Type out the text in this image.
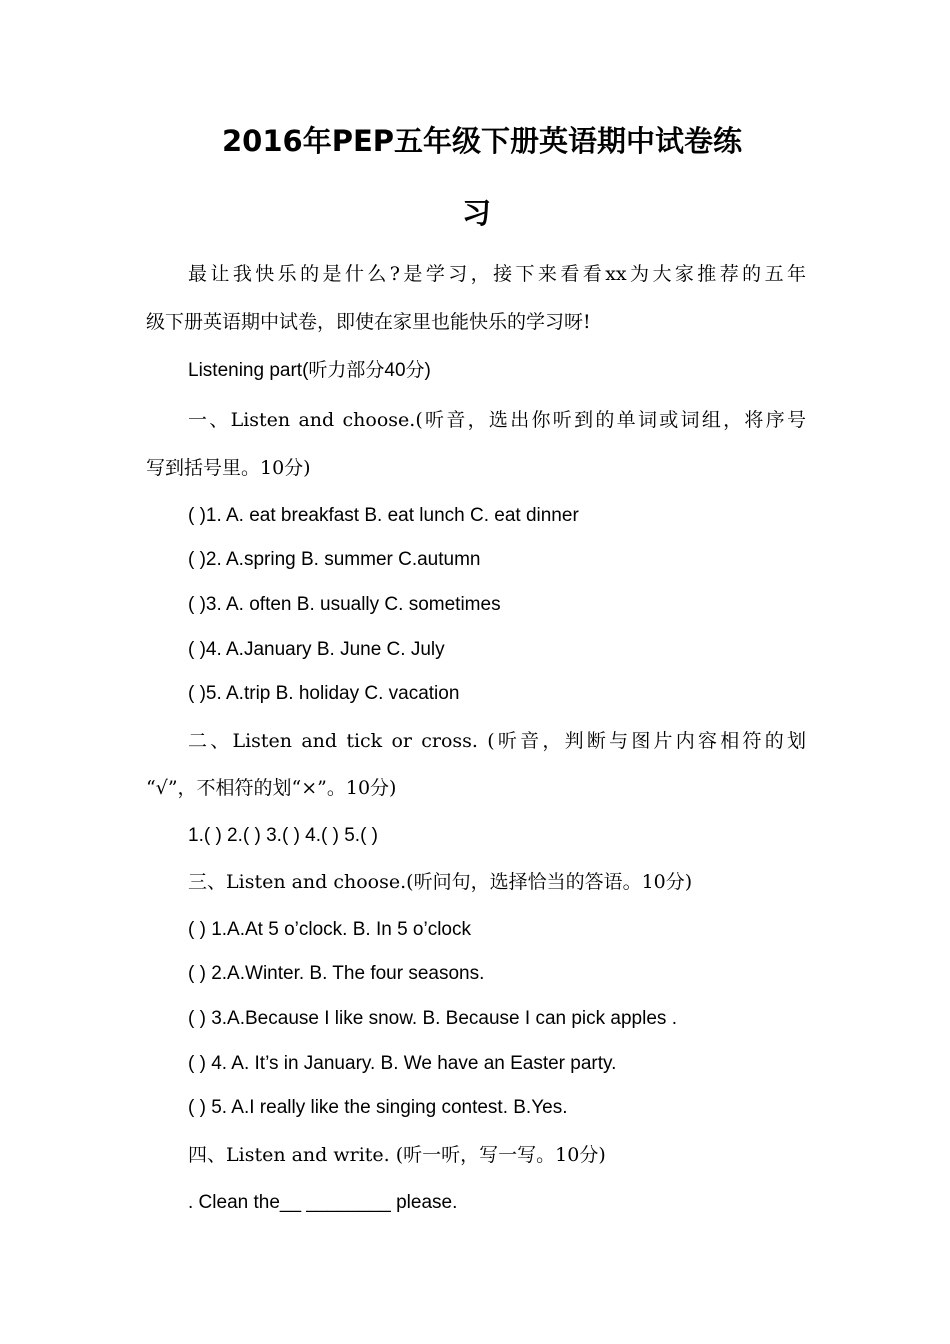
2016年PEP五年级下册英语期中试卷练
习
最让我快乐的是什么?是学习，接下来看看xx为大家推荐的五年
级下册英语期中试卷，即使在家里也能快乐的学习呀!
Listening part(听力部分40分)
一、Listen and choose.(听音，选出你听到的单词或词组，将序号
写到括号里。10分)
( )1. A. eat breakfast B. eat lunch C. eat dinner
( )2. A.spring B. summer C.autumn
( )3. A. often B. usually C. sometimes
( )4. A.January B. June C. July
( )5. A.trip B. holiday C. vacation
二、Listen and tick or cross. (听音，判断与图片内容相符的划
“√”，不相符的划“×”。10分)
1.( ) 2.( ) 3.( ) 4.( ) 5.( )
三、Listen and choose.(听问句，选择恰当的答语。10分)
( ) 1.A.At 5 o’clock. B. In 5 o’clock
( ) 2.A.Winter. B. The four seasons.
( ) 3.A.Because I like snow. B. Because I can pick apples .
( ) 4. A. It’s in January. B. We have an Easter party.
( ) 5. A.I really like the singing contest. B.Yes.
四、Listen and write. (听一听，写一写。10分)
. Clean the__ ________ please.
